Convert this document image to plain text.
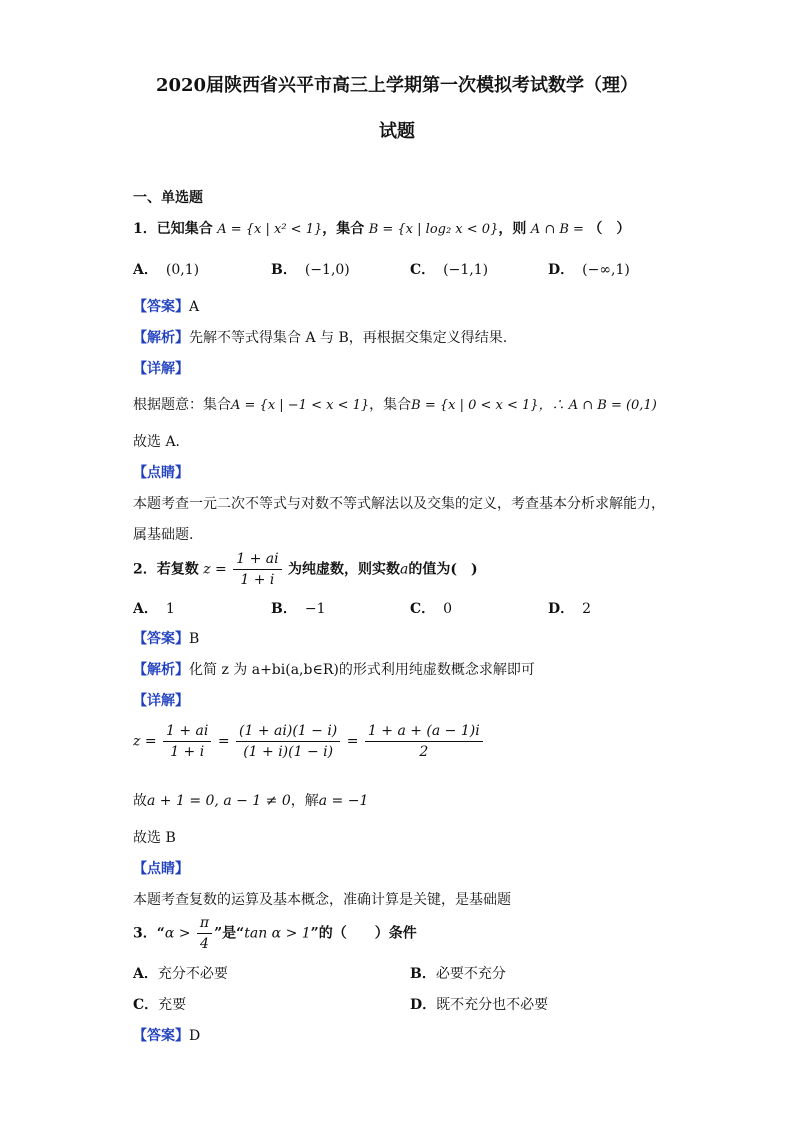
2020届陕西省兴平市高三上学期第一次模拟考试数学（理）
试题
一、单选题
1．已知集合 A = {x | x² < 1}，集合 B = {x | log₂ x < 0}，则 A ∩ B = （　）
A． (0,1)	B． (−1,0)	C． (−1,1)	D． (−∞,1)
【答案】A
【解析】先解不等式得集合 A 与 B，再根据交集定义得结果.
【详解】
根据题意：集合A = {x | −1 < x < 1}，集合B = {x | 0 < x < 1}，∴ A ∩ B = (0,1)
故选 A．
【点睛】
本题考查一元二次不等式与对数不等式解法以及交集的定义，考查基本分析求解能力，
属基础题.
2．若复数 $z = \frac{1 + ai}{1 + i}$ 为纯虚数，则实数a的值为(　)
A． 1	B． −1	C． 0	D． 2
【答案】B
【解析】化简 z 为 a+bi(a,b∈R)的形式利用纯虚数概念求解即可
【详解】
$z = \frac{1 + ai}{1 + i} = \frac{(1 + ai)(1 - i)}{(1 + i)(1 - i)} = \frac{1 + a + (a - 1)i}{2}$
故a + 1 = 0, a − 1 ≠ 0，解a = −1
故选 B
【点睛】
本题考查复数的运算及基本概念，准确计算是关键，是基础题
3．“$\alpha > \frac{\pi}{4}$ ”是“tan α > 1”的（　　）条件
A．充分不必要	B．必要不充分
C．充要	D．既不充分也不必要
【答案】D
